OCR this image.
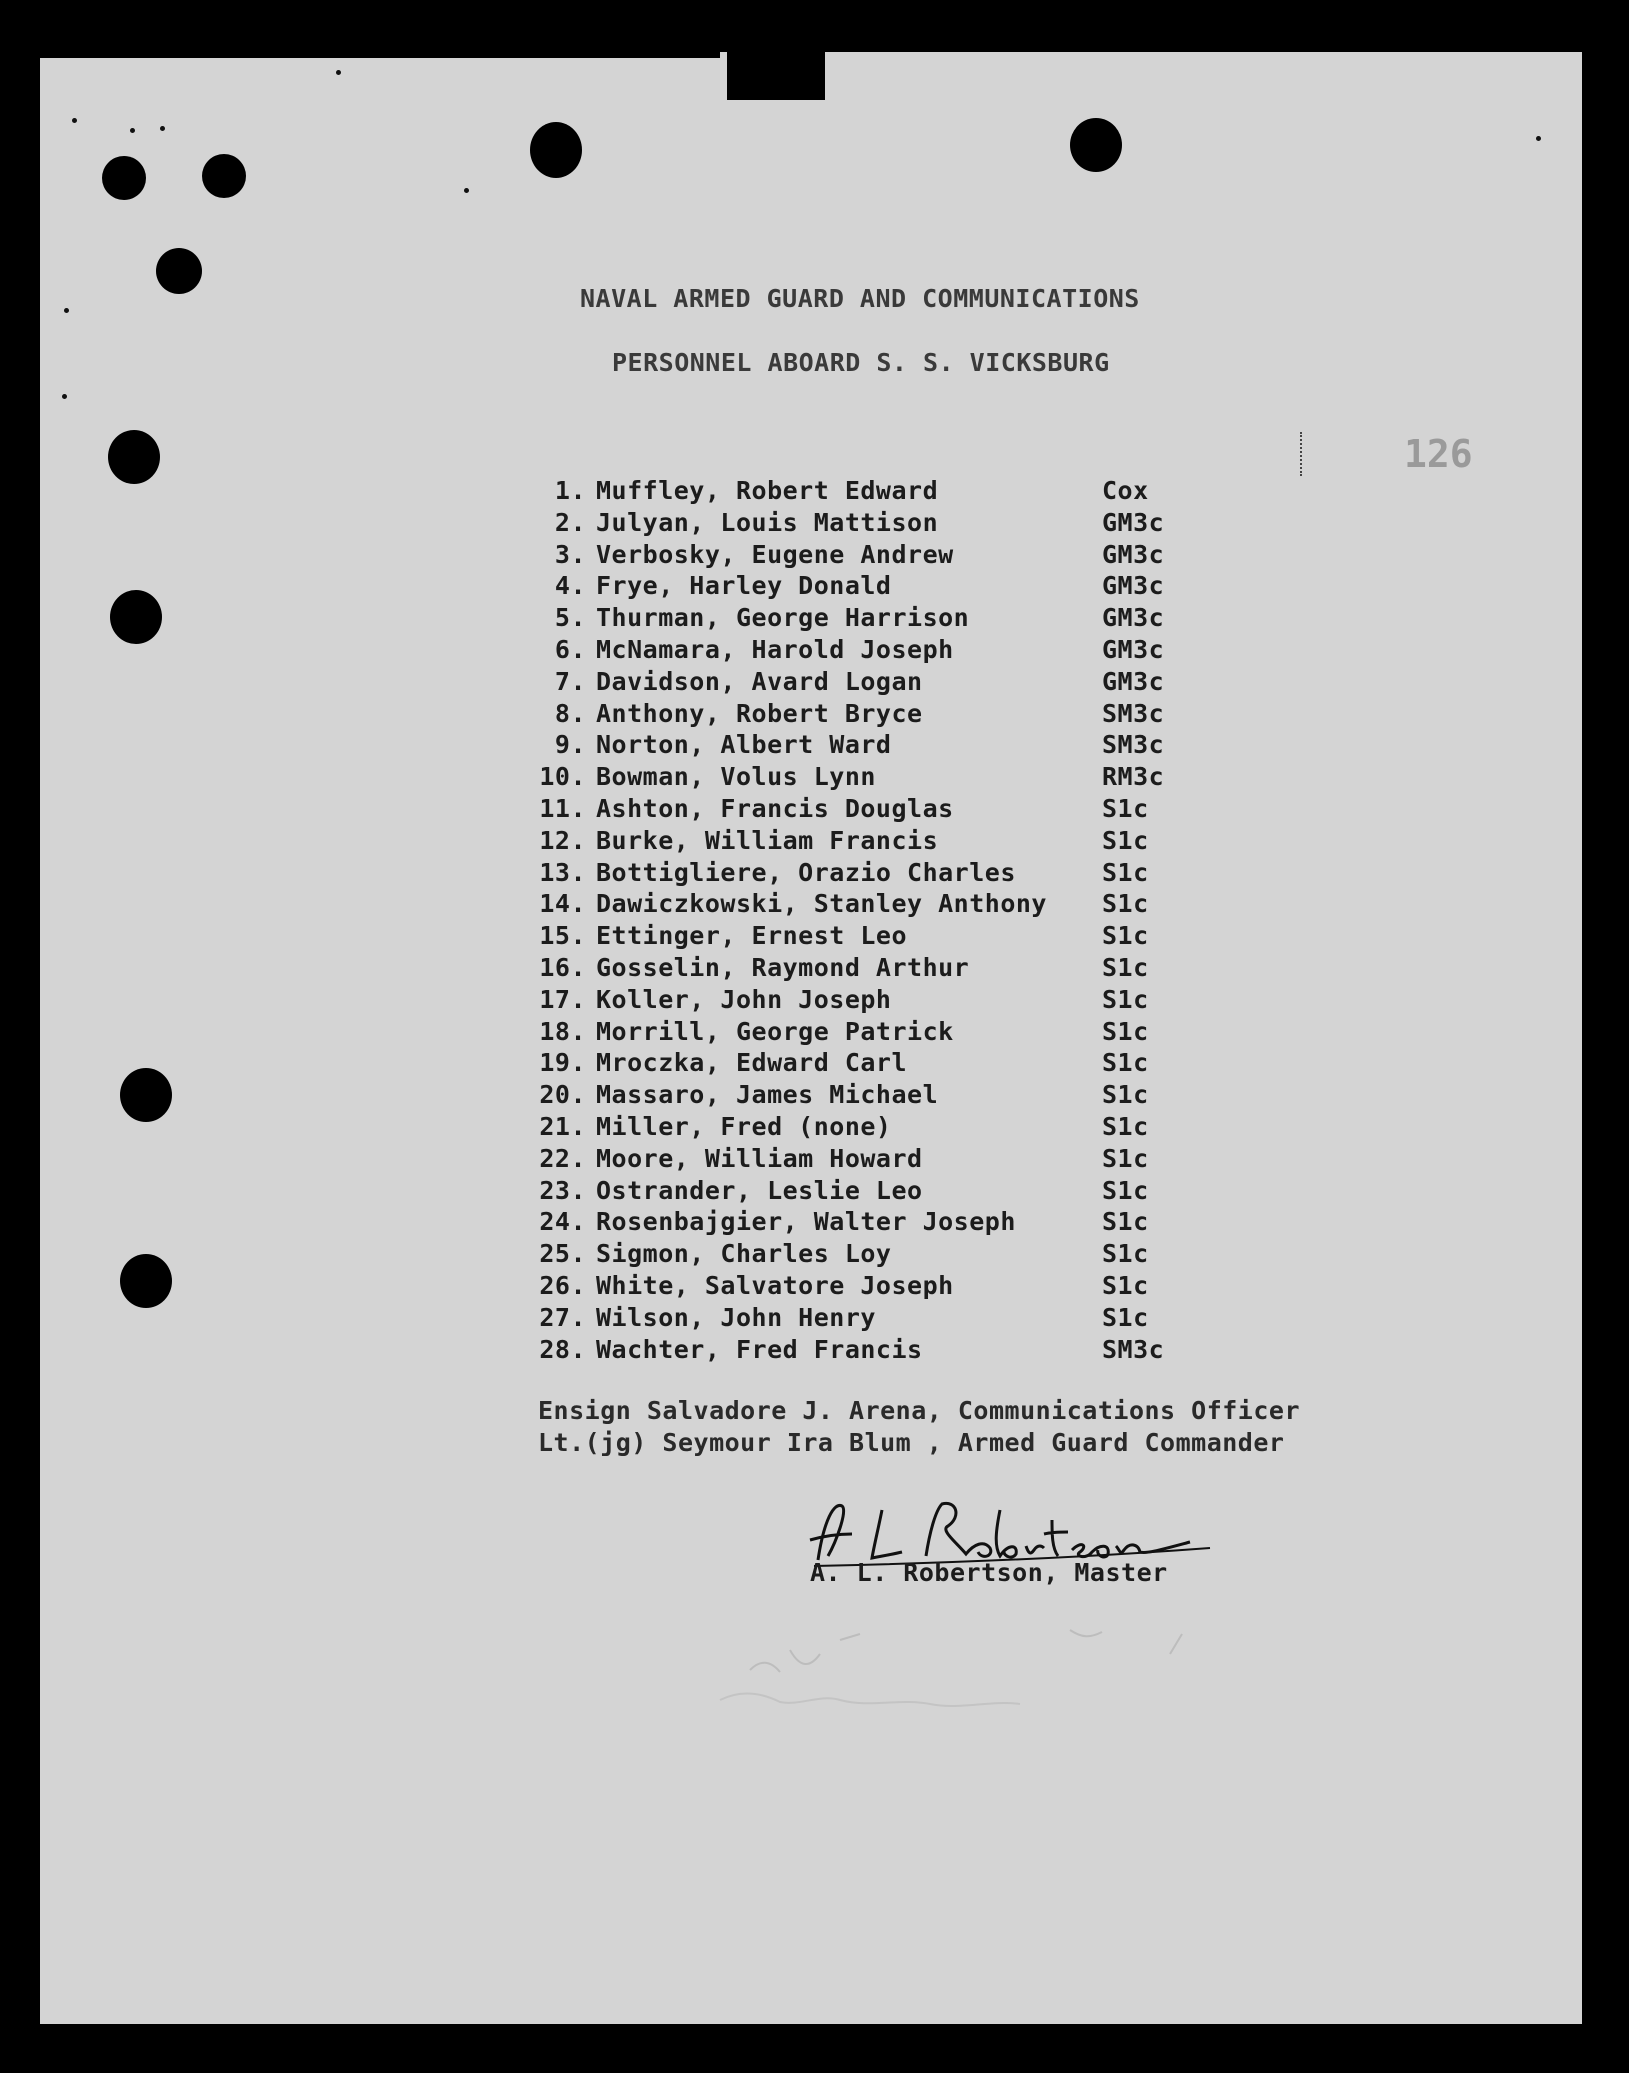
NAVAL ARMED GUARD AND COMMUNICATIONS
PERSONNEL ABOARD S. S. VICKSBURG
126
1. Muffley, Robert Edward	Cox
2. Julyan, Louis Mattison	GM3c
3. Verbosky, Eugene Andrew	GM3c
4. Frye, Harley Donald	GM3c
5. Thurman, George Harrison	GM3c
6. McNamara, Harold Joseph	GM3c
7. Davidson, Avard Logan	GM3c
8. Anthony, Robert Bryce	SM3c
9. Norton, Albert Ward	SM3c
10. Bowman, Volus Lynn	RM3c
11. Ashton, Francis Douglas	S1c
12. Burke, William Francis	S1c
13. Bottigliere, Orazio Charles	S1c
14. Dawiczkowski, Stanley Anthony S1c
15. Ettinger, Ernest Leo	S1c
16. Gosselin, Raymond Arthur	S1c
17. Koller, John Joseph	S1c
18. Morrill, George Patrick	S1c
19. Mroczka, Edward Carl	S1c
20. Massaro, James Michael	S1c
21. Miller, Fred (none)	S1c
22. Moore, William Howard	S1c
23. Ostrander, Leslie Leo	S1c
24. Rosenbajgier, Walter Joseph	S1c
25. Sigmon, Charles Loy	S1c
26. White, Salvatore Joseph	S1c
27. Wilson, John Henry	S1c
28. Wachter, Fred Francis	SM3c
Ensign Salvadore J. Arena, Communications Officer
Lt.(jg) Seymour Ira Blum , Armed Guard Commander
A. L. Robertson, Master
